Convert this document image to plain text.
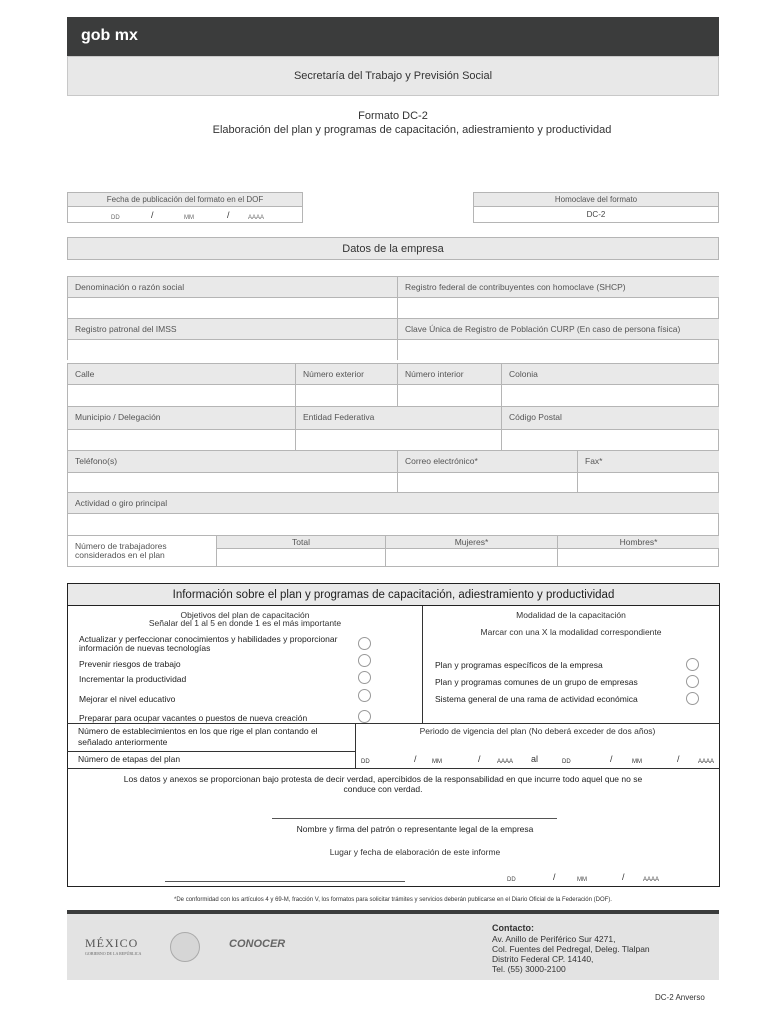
gob mx
Secretaría del Trabajo y Previsión Social
Formato DC-2
Elaboración del plan y programas de capacitación, adiestramiento y productividad
Fecha de publicación del formato en el DOF
DD	/	MM	/	AAAA
Homoclave del formato
DC-2
Datos de la empresa
Denominación o razón social	Registro federal de contribuyentes con homoclave (SHCP)
Registro patronal del IMSS	Clave Única de Registro de Población CURP (En caso de persona física)
Calle	Número exterior	Número interior	Colonia
Municipio / Delegación	Entidad Federativa	Código Postal
Teléfono(s)	Correo electrónico*	Fax*
Actividad o giro principal
Número de trabajadores
considerados en el plan
Total	Mujeres*	Hombres*
Información sobre el plan y programas de capacitación, adiestramiento y productividad
Objetivos del plan de capacitación
Señalar del 1 al 5 en donde 1 es el más importante
Actualizar y perfeccionar conocimientos y habilidades y proporcionar información de nuevas tecnologías
Prevenir riesgos de trabajo
Incrementar la productividad
Mejorar el nivel educativo
Preparar para ocupar vacantes o puestos de nueva creación
Modalidad de la capacitación
Marcar con una X la modalidad correspondiente
Plan y programas específicos de la empresa
Plan y programas comunes de un grupo de empresas
Sistema general de una rama de actividad económica
Número de establecimientos en los que rige el plan contando el señalado anteriormente
Número de etapas del plan
Periodo de vigencia del plan (No deberá exceder de dos años)
DD	/	MM	/	AAAA al	DD	/	MM	/	AAAA
Los datos y anexos se proporcionan bajo protesta de decir verdad, apercibidos de la responsabilidad en que incurre todo aquel que no se conduce con verdad.
Nombre y firma del patrón o representante legal de la empresa
Lugar y fecha de elaboración de este informe
DD	/	MM	/	AAAA
*De conformidad con los artículos 4 y 69-M, fracción V, los formatos para solicitar trámites y servicios deberán publicarse en el Diario Oficial de la Federación (DOF).
MÉXICO
GOBIERNO DE LA REPÚBLICA
CONOCER
Contacto:
Av. Anillo de Periférico Sur 4271,
Col. Fuentes del Pedregal, Deleg. Tlalpan
Distrito Federal CP. 14140,
Tel. (55) 3000-2100
DC-2 Anverso
